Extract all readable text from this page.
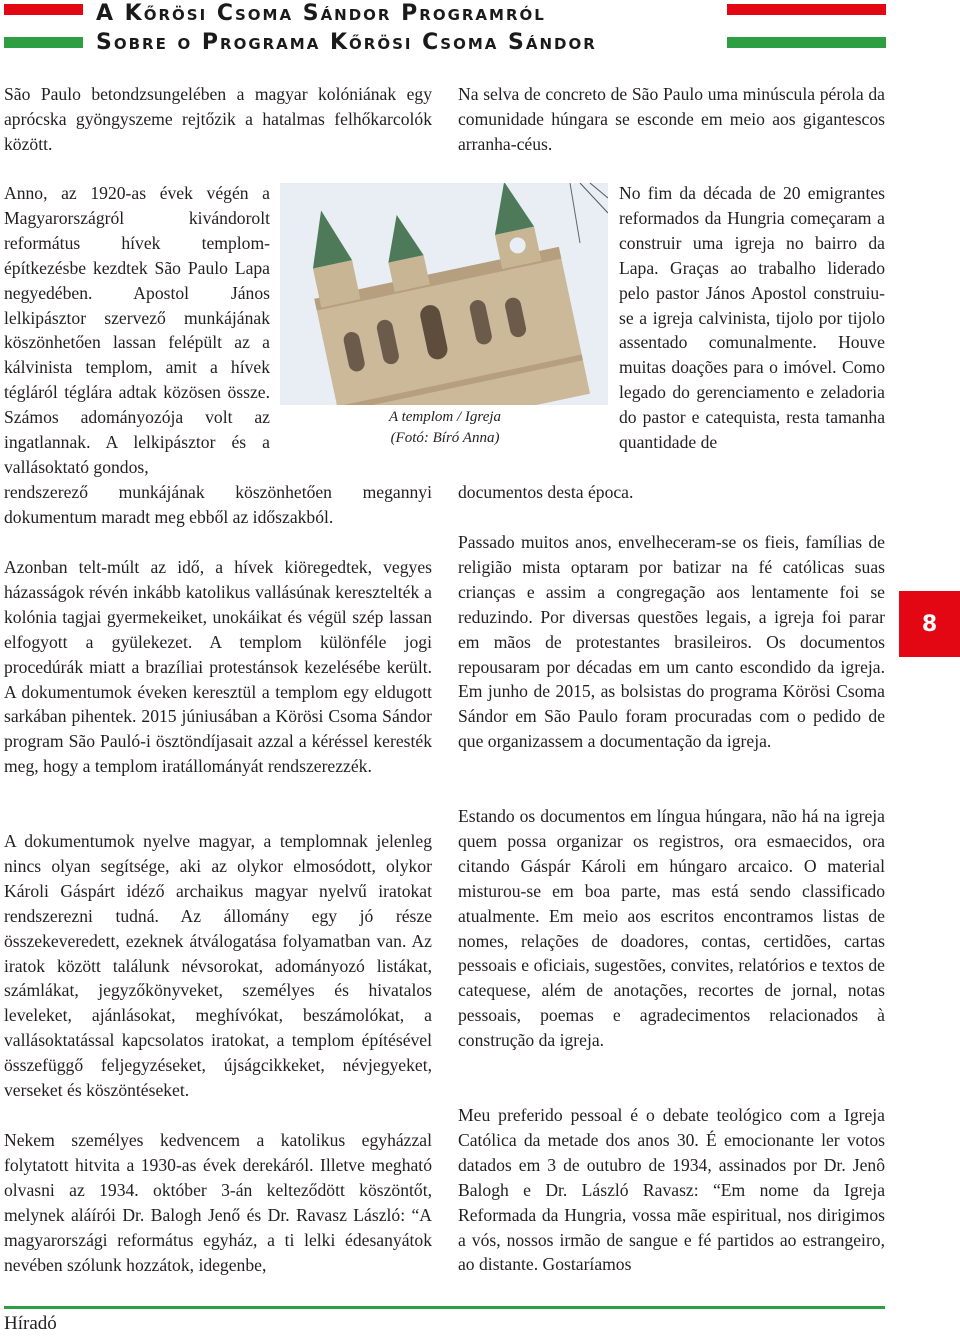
A Kőrösi Csoma Sándor Programról
Sobre o Programa Kőrösi Csoma Sándor

São Paulo betondzsungelében a magyar kolóniának egy aprócska gyöngyszeme rejtőzik a hatalmas felhőkarcolók között.

Na selva de concreto de São Paulo uma minúscula pérola da comunidade húngara se esconde em meio aos gigantescos arranha-céus.

Anno, az 1920-as évek végén a Magyarországról kivándorolt református hívek templom-építkezésbe kezdtek São Paulo Lapa negyedében. Apostol János lelkipásztor szervező munkájának köszönhetően lassan felépült az a kálvinista templom, amit a hívek tégláról téglára adtak közösen össze. Számos adományozója volt az ingatlannak. A lelkipásztor és a vallásoktató gondos,

No fim da década de 20 emigrantes reformados da Hungria começaram a construir uma igreja no bairro da Lapa. Graças ao trabalho liderado pelo pastor János Apostol construiu-se a igreja calvinista, tijolo por tijolo assentado comunalmente. Houve muitas doações para o imóvel. Como legado do gerenciamento e zeladoria do pastor e catequista, resta tamanha quantidade de

A templom / Igreja
(Fotó: Bíró Anna)

rendszerező munkájának köszönhetően megannyi dokumentum maradt meg ebből az időszakból.

documentos desta época.

Azonban telt-múlt az idő, a hívek kiöregedtek, vegyes házasságok révén inkább katolikus vallásúnak keresztelték a kolónia tagjai gyermekeiket, unokáikat és végül szép lassan elfogyott a gyülekezet. A templom különféle jogi procedúrák miatt a brazíliai protestánsok kezelésébe került. A dokumentumok éveken keresztül a templom egy eldugott sarkában pihentek. 2015 júniusában a Körösi Csoma Sándor program São Pauló-i ösztöndíjasait azzal a kéréssel keresték meg, hogy a templom iratállományát rendszerezzék.

Passado muitos anos, envelheceram-se os fieis, famílias de religião mista optaram por batizar na fé católicas suas crianças e assim a congregação aos lentamente foi se reduzindo. Por diversas questões legais, a igreja foi parar em mãos de protestantes brasileiros. Os documentos repousaram por décadas em um canto escondido da igreja. Em junho de 2015, as bolsistas do programa Körösi Csoma Sándor em São Paulo foram procuradas com o pedido de que organizassem a documentação da igreja.

A dokumentumok nyelve magyar, a templomnak jelenleg nincs olyan segítsége, aki az olykor elmosódott, olykor Károli Gáspárt idéző archaikus magyar nyelvű iratokat rendszerezni tudná. Az állomány egy jó része összekeveredett, ezeknek átválogatása folyamatban van. Az iratok között találunk névsorokat, adományozó listákat, számlákat, jegyzőkönyveket, személyes és hivatalos leveleket, ajánlásokat, meghívókat, beszámolókat, a vallásoktatással kapcsolatos iratokat, a templom építésével összefüggő feljegyzéseket, újságcikkeket, névjegyeket, verseket és köszöntéseket.

Estando os documentos em língua húngara, não há na igreja quem possa organizar os registros, ora esmaecidos, ora citando Gáspár Károli em húngaro arcaico. O material misturou-se em boa parte, mas está sendo classificado atualmente. Em meio aos escritos encontramos listas de nomes, relações de doadores, contas, certidões, cartas pessoais e oficiais, sugestões, convites, relatórios e textos de catequese, além de anotações, recortes de jornal, notas pessoais, poemas e agradecimentos relacionados à construção da igreja.

Nekem személyes kedvencem a katolikus egyházzal folytatott hitvita a 1930-as évek derekáról. Illetve megható olvasni az 1934. október 3-án kelteződött köszöntőt, melynek aláírói Dr. Balogh Jenő és Dr. Ravasz László: “A magyarországi református egyház, a ti lelki édesanyátok nevében szólunk hozzátok, idegenbe,

Meu preferido pessoal é o debate teológico com a Igreja Católica da metade dos anos 30. É emocionante ler votos datados em 3 de outubro de 1934, assinados por Dr. Jenô Balogh e Dr. László Ravasz: “Em nome da Igreja Reformada da Hungria, vossa mãe espiritual, nos dirigimos a vós, nossos irmão de sangue e fé partidos ao estrangeiro, ao distante. Gostaríamos

8
Híradó
